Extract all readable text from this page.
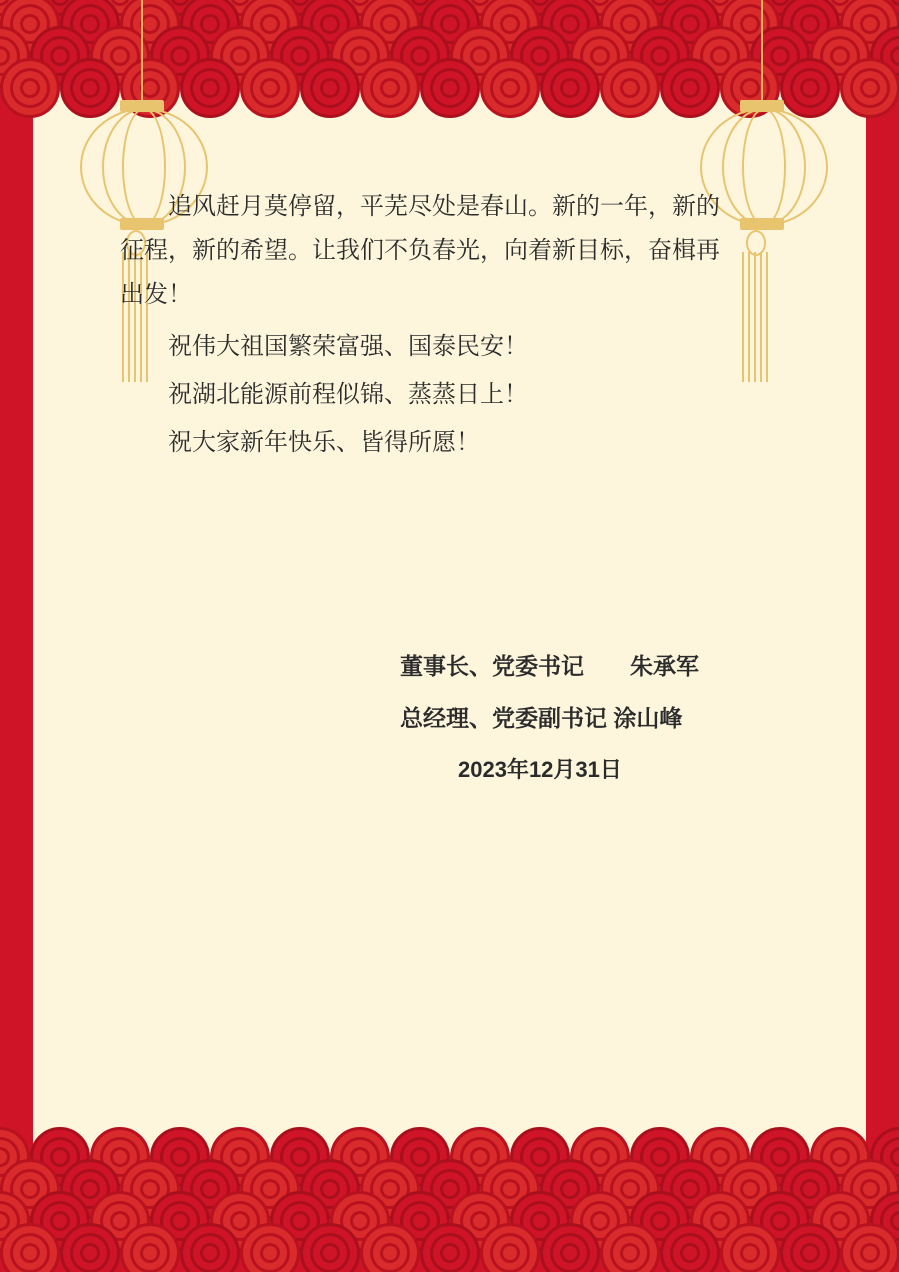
追风赶月莫停留，平芜尽处是春山。新的一年，新的征程，新的希望。让我们不负春光，向着新目标，奋楫再出发！

祝伟大祖国繁荣富强、国泰民安！

祝湖北能源前程似锦、蒸蒸日上！

祝大家新年快乐、皆得所愿！

董事长、党委书记　　朱承军
总经理、党委副书记 涂山峰
2023年12月31日
